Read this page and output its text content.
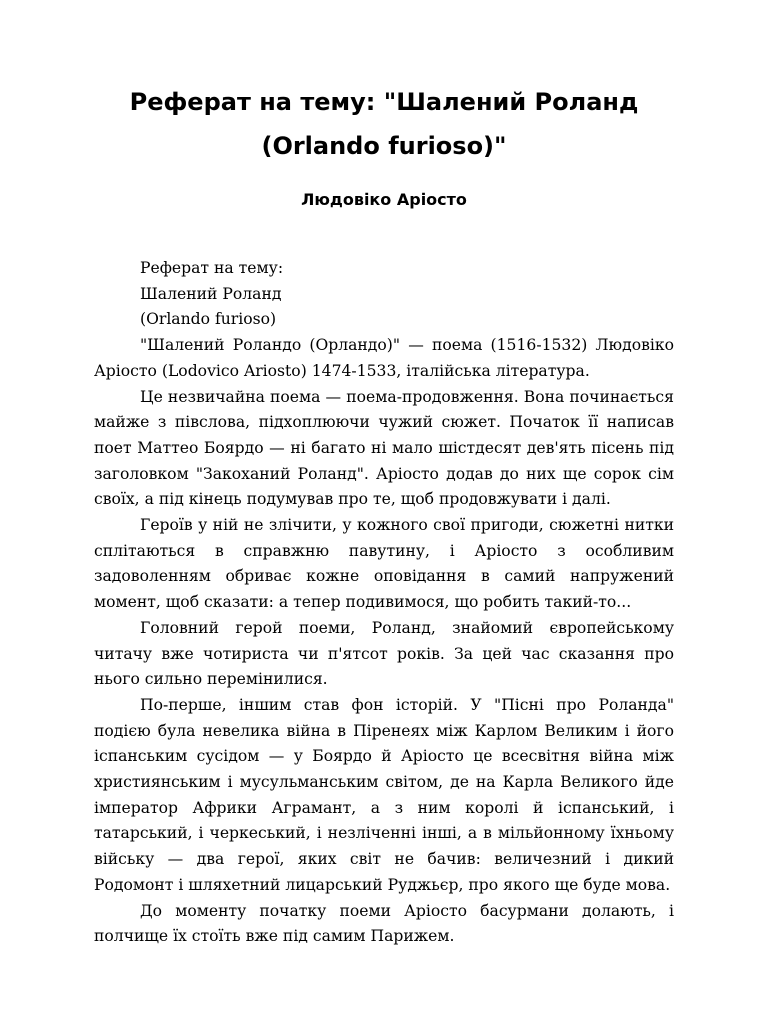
Реферат на тему: "Шалений Роланд
(Orlando furioso)"
Людовіко Аріосто

Реферат на тему:

Шалений Роланд

(Orlando furioso)

"Шалений Роландо (Орландо)" — поема (1516-1532) Людовіко Аріосто (Lodovico Ariosto) 1474-1533, італійська література.

Це незвичайна поема — поема-продовження. Вона починається майже з півслова, підхоплюючи чужий сюжет. Початок її написав поет Маттео Боярдо — ні багато ні мало шістдесят дев'ять пісень під заголовком "Закоханий Роланд". Аріосто додав до них ще сорок сім своїх, а під кінець подумував про те, щоб продовжувати і далі.

Героїв у ній не злічити, у кожного свої пригоди, сюжетні нитки сплітаються в справжню павутину, і Аріосто з особливим задоволенням обриває кожне оповідання в самий напружений момент, щоб сказати: а тепер подивимося, що робить такий-то...

Головний герой поеми, Роланд, знайомий європейському читачу вже чотириста чи п'ятсот років. За цей час сказання про нього сильно перемінилися.

По-перше, іншим став фон історій. У "Пісні про Роланда" подією була невелика війна в Піренеях між Карлом Великим і його іспанським сусідом — у Боярдо й Аріосто це всесвітня війна між християнським і мусульманським світом, де на Карла Великого йде імператор Африки Аграмант, а з ним королі й іспанський, і татарський, і черкеський, і незліченні інші, а в мільйонному їхньому війську — два герої, яких світ не бачив: величезний і дикий Родомонт і шляхетний лицарський Руджьєр, про якого ще буде мова.

До моменту початку поеми Аріосто басурмани долають, і полчище їх стоїть вже під самим Парижем.
